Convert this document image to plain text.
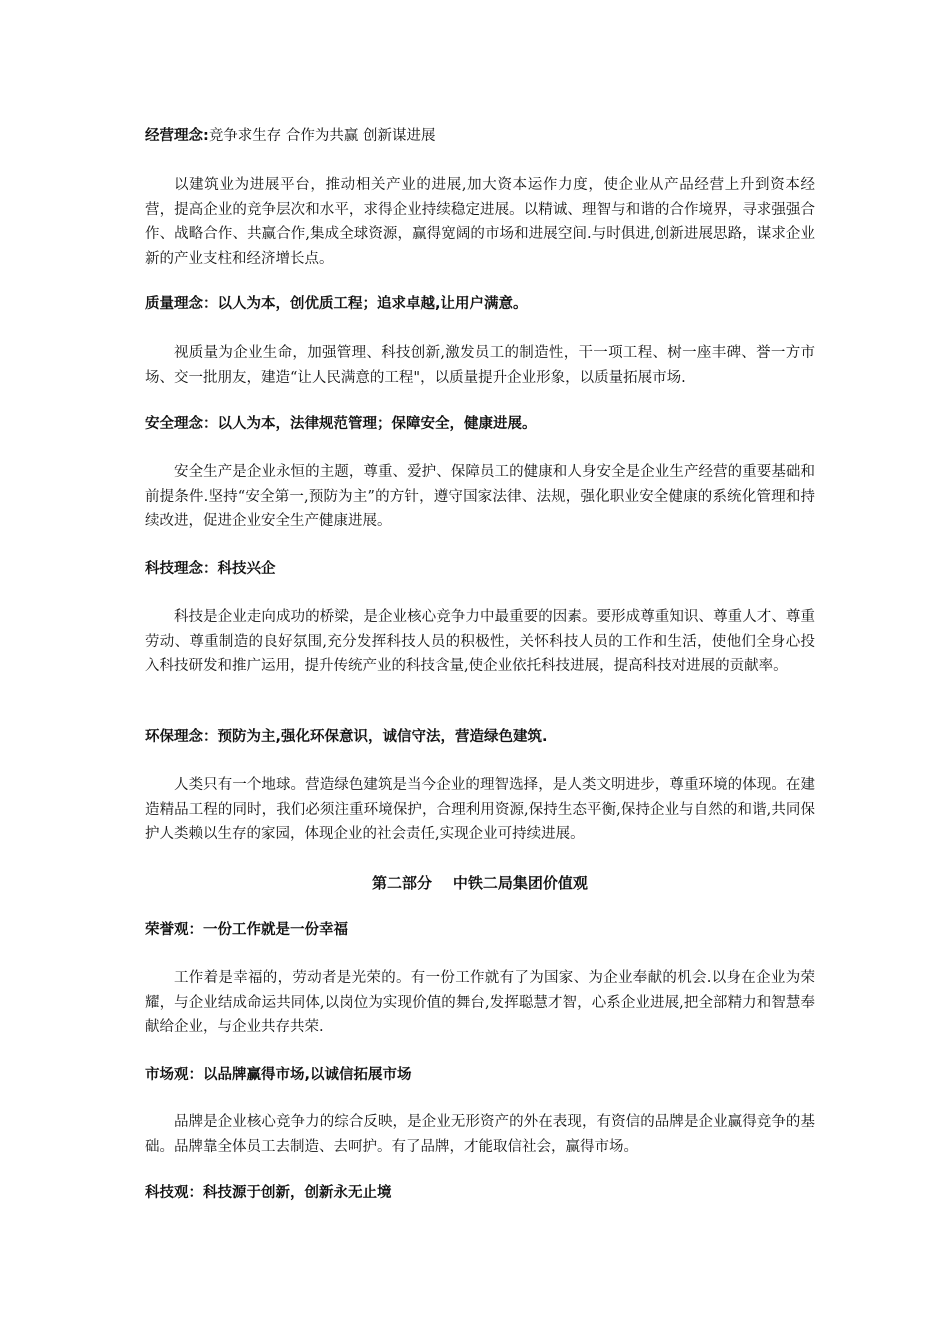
经营理念:竞争求生存 合作为共赢 创新谋进展
以建筑业为进展平台，推动相关产业的进展,加大资本运作力度，使企业从产品经营上升到资本经营，提高企业的竞争层次和水平，求得企业持续稳定进展。以精诚、理智与和谐的合作境界，寻求强强合作、战略合作、共赢合作,集成全球资源，赢得宽阔的市场和进展空间.与时俱进,创新进展思路，谋求企业新的产业支柱和经济增长点。
质量理念：以人为本，创优质工程；追求卓越,让用户满意。
视质量为企业生命，加强管理、科技创新,激发员工的制造性，干一项工程、树一座丰碑、誉一方市场、交一批朋友，建造“让人民满意的工程"，以质量提升企业形象，以质量拓展市场.
安全理念：以人为本，法律规范管理；保障安全，健康进展。
安全生产是企业永恒的主题，尊重、爱护、保障员工的健康和人身安全是企业生产经营的重要基础和前提条件.坚持“安全第一,预防为主”的方针，遵守国家法律、法规，强化职业安全健康的系统化管理和持续改进，促进企业安全生产健康进展。
科技理念：科技兴企
科技是企业走向成功的桥梁，是企业核心竞争力中最重要的因素。要形成尊重知识、尊重人才、尊重劳动、尊重制造的良好氛围,充分发挥科技人员的积极性，关怀科技人员的工作和生活，使他们全身心投入科技研发和推广运用，提升传统产业的科技含量,使企业依托科技进展，提高科技对进展的贡献率。
环保理念：预防为主,强化环保意识，诚信守法，营造绿色建筑.
人类只有一个地球。营造绿色建筑是当今企业的理智选择，是人类文明进步，尊重环境的体现。在建造精品工程的同时，我们必须注重环境保护，合理利用资源,保持生态平衡,保持企业与自然的和谐,共同保护人类赖以生存的家园，体现企业的社会责任,实现企业可持续进展。
第二部分    中铁二局集团价值观
荣誉观：一份工作就是一份幸福
工作着是幸福的，劳动者是光荣的。有一份工作就有了为国家、为企业奉献的机会.以身在企业为荣耀，与企业结成命运共同体,以岗位为实现价值的舞台,发挥聪慧才智，心系企业进展,把全部精力和智慧奉献给企业，与企业共存共荣.
市场观：以品牌赢得市场,以诚信拓展市场
品牌是企业核心竞争力的综合反映，是企业无形资产的外在表现，有资信的品牌是企业赢得竞争的基础。品牌靠全体员工去制造、去呵护。有了品牌，才能取信社会，赢得市场。
科技观：科技源于创新，创新永无止境
